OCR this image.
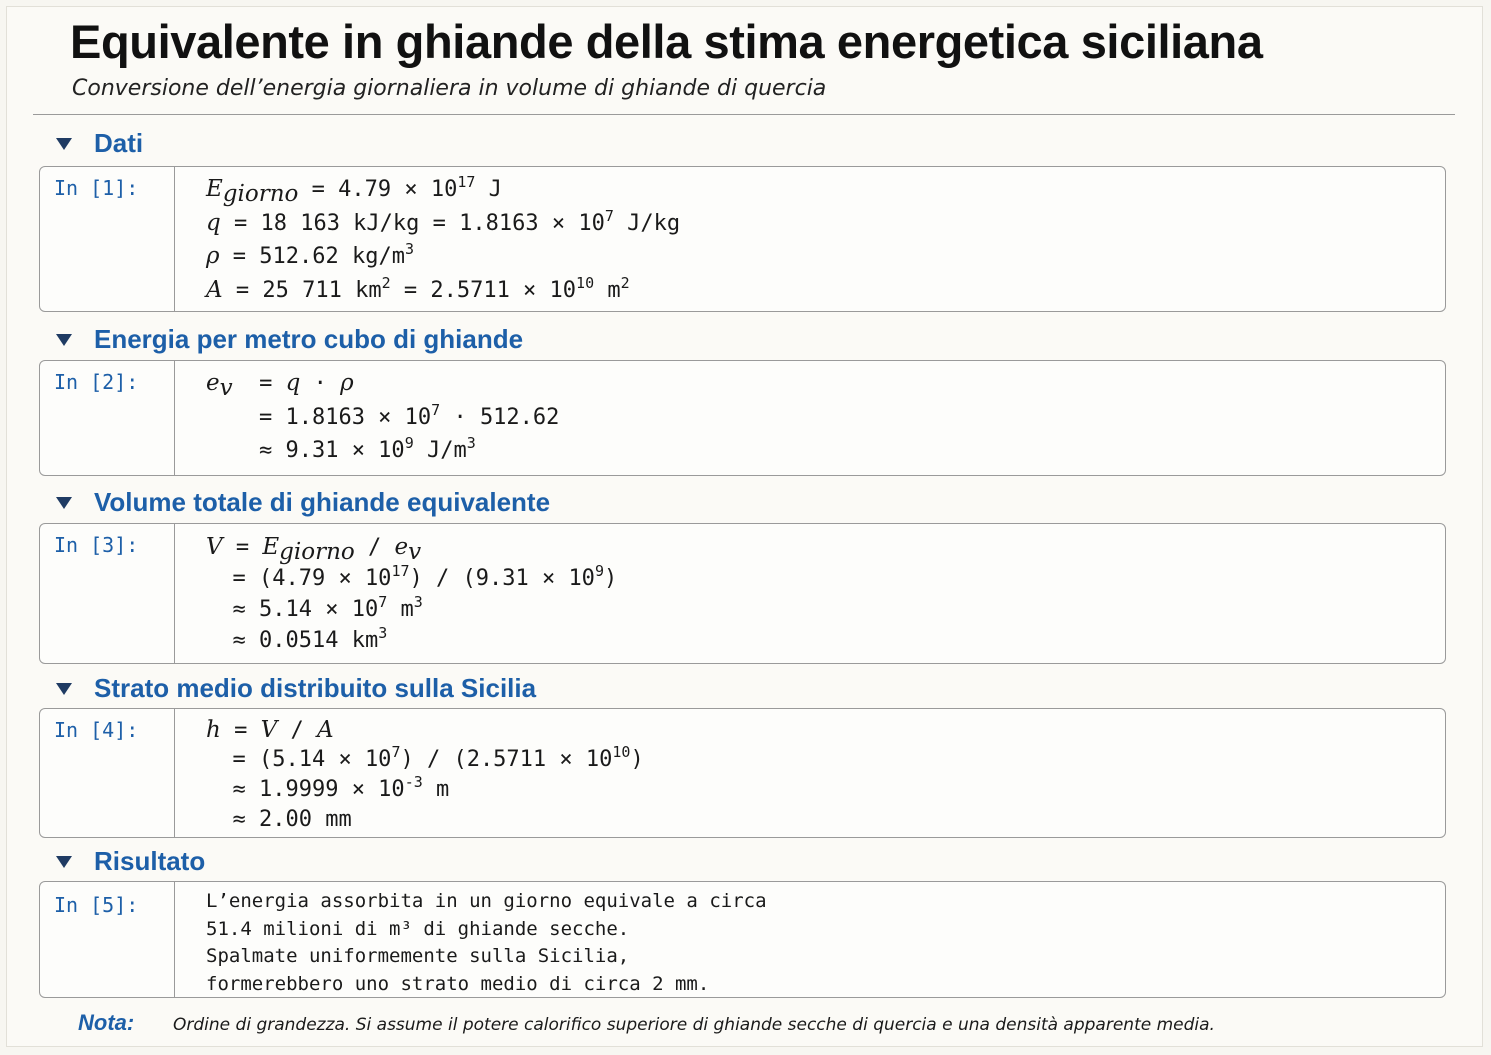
Equivalente in ghiande della stima energetica siciliana
Conversione dell’energia giornaliera in volume di ghiande di quercia
Dati
In [1]:	$E_{giorno} = 4.79 \times 10^{17}$ J
q = 18 163 $kJ/kg = 1.8163 \times 10^7$ J/kg
ρ = 512.62 $kg/m^3$
A = 25 711 $km^2 = 2.5711 \times 10^{10}$ $m^2$
Energia per metro cubo di ghiande
In [2]:	$e_v = q \cdot \rho$
= $1.8163 \times 10^7 \cdot 512.62$
≈ $9.31 \times 10^9$ $J/m^3$
Volume totale di ghiande equivalente
In [3]:	$V = E_{giorno} / e_v$
= $(4.79 \times 10^{17}) / (9.31 \times 10^9)$
≈ $5.14 \times 10^7$ $m^3$
≈ 0.0514 $km^3$
Strato medio distribuito sulla Sicilia
In [4]:	h = V / A
= $(5.14 \times 10^7) / (2.5711 \times 10^{10})$
≈ $1.9999 \times 10^{-3}$ m
≈ 2.00 mm
Risultato
In [5]:	L’energia assorbita in un giorno equivale a circa
51.4 milioni di m³ di ghiande secche.
Spalmate uniformemente sulla Sicilia,
formerebbero uno strato medio di circa 2 mm.
Nota:	Ordine di grandezza. Si assume il potere calorifico superiore di ghiande secche di quercia e una densità apparente media.
